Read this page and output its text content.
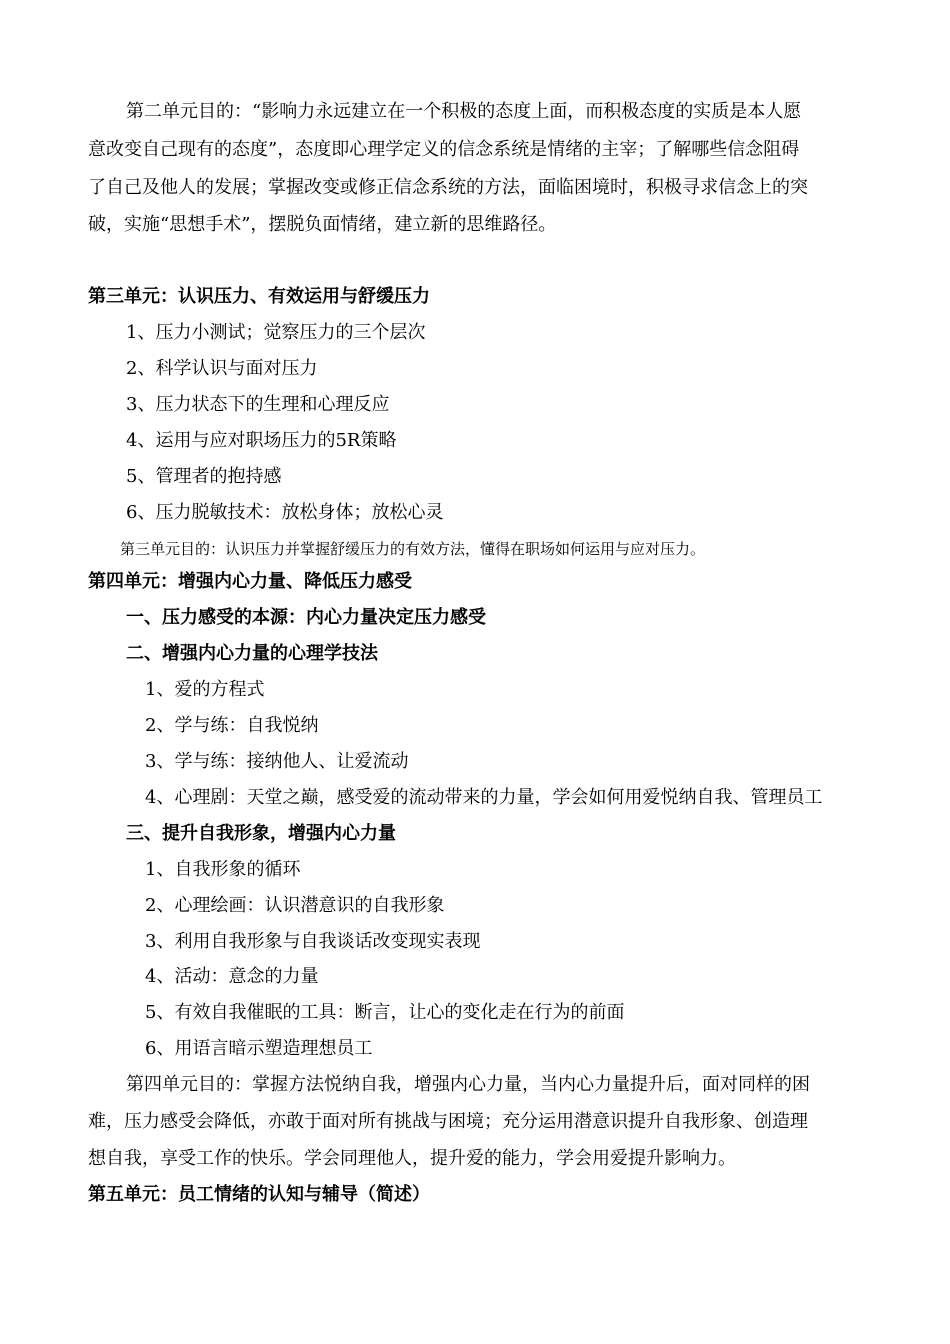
第二单元目的：“影响力永远建立在一个积极的态度上面，而积极态度的实质是本人愿
意改变自己现有的态度”，态度即心理学定义的信念系统是情绪的主宰；了解哪些信念阻碍
了自己及他人的发展；掌握改变或修正信念系统的方法，面临困境时，积极寻求信念上的突
破，实施“思想手术”，摆脱负面情绪，建立新的思维路径。
第三单元：认识压力、有效运用与舒缓压力
1、压力小测试；觉察压力的三个层次
2、科学认识与面对压力
3、压力状态下的生理和心理反应
4、运用与应对职场压力的5R策略
5、管理者的抱持感
6、压力脱敏技术：放松身体；放松心灵
第三单元目的：认识压力并掌握舒缓压力的有效方法，懂得在职场如何运用与应对压力。
第四单元：增强内心力量、降低压力感受
一、压力感受的本源：内心力量决定压力感受
二、增强内心力量的心理学技法
1、爱的方程式
2、学与练：自我悦纳
3、学与练：接纳他人、让爱流动
4、心理剧：天堂之巅，感受爱的流动带来的力量，学会如何用爱悦纳自我、管理员工
三、提升自我形象，增强内心力量
1、自我形象的循环
2、心理绘画：认识潜意识的自我形象
3、利用自我形象与自我谈话改变现实表现
4、活动：意念的力量
5、有效自我催眠的工具：断言，让心的变化走在行为的前面
6、用语言暗示塑造理想员工
第四单元目的：掌握方法悦纳自我，增强内心力量，当内心力量提升后，面对同样的困
难，压力感受会降低，亦敢于面对所有挑战与困境；充分运用潜意识提升自我形象、创造理
想自我，享受工作的快乐。学会同理他人，提升爱的能力，学会用爱提升影响力。
第五单元：员工情绪的认知与辅导（简述）
